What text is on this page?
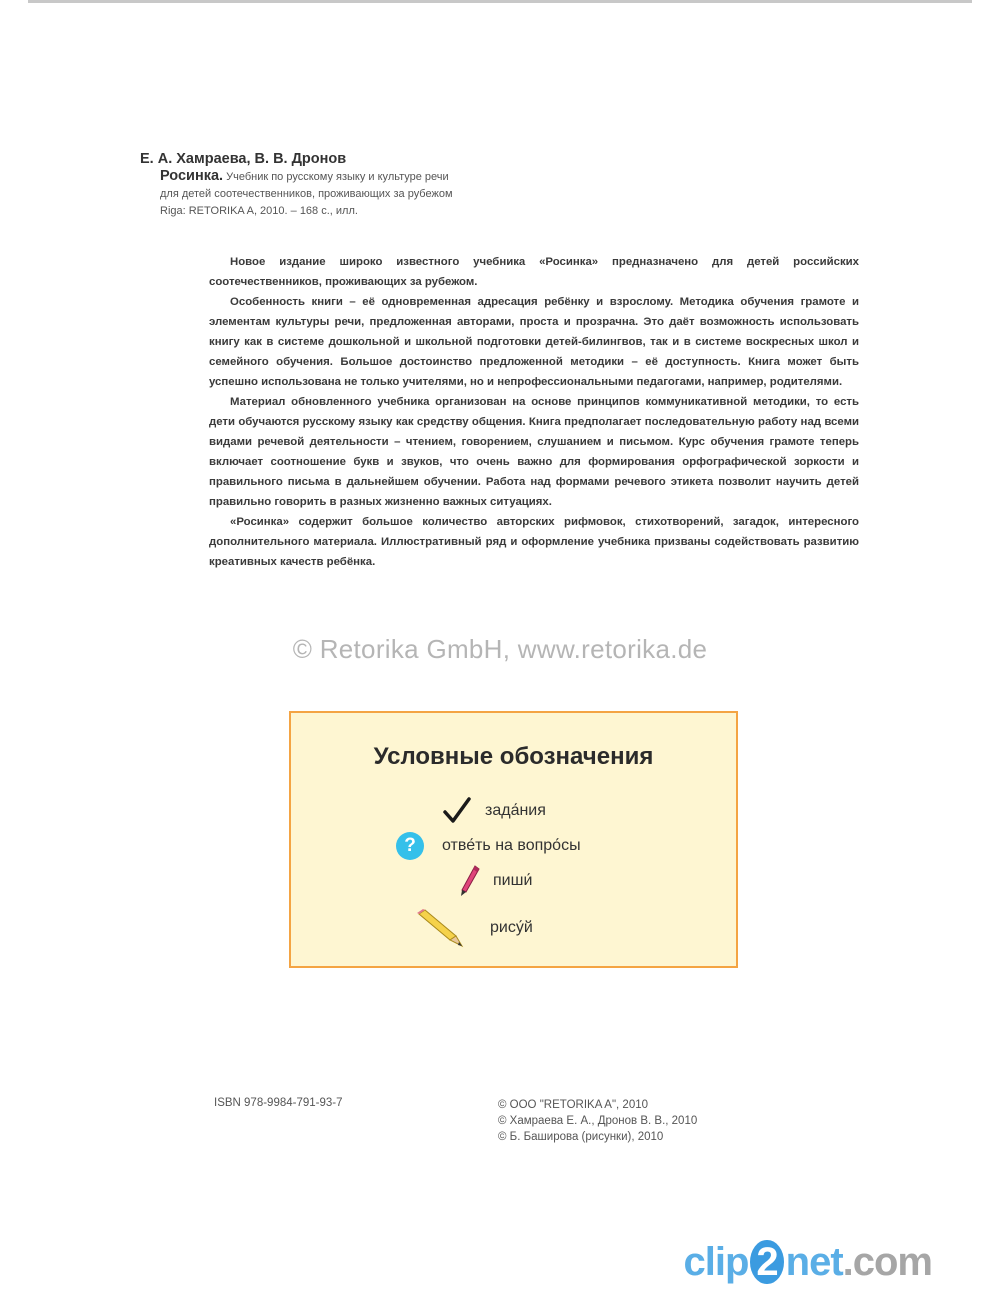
Е. А. Хамраева, В. В. Дронов
Росинка. Учебник по русскому языку и культуре речи
для детей соотечественников, проживающих за рубежом
Riga: RETORIKA A, 2010. – 168 с., илл.

Новое издание широко известного учебника «Росинка» предназначено для детей российских соотечественников, проживающих за рубежом.

Особенность книги – её одновременная адресация ребёнку и взрослому. Методика обучения грамоте и элементам культуры речи, предложенная авторами, проста и прозрачна. Это даёт возможность использовать книгу как в системе дошкольной и школьной подготовки детей-билингвов, так и в системе воскресных школ и семейного обучения. Большое достоинство предложенной методики – её доступность. Книга может быть успешно использована не только учителями, но и непрофессиональными педагогами, например, родителями.

Материал обновленного учебника организован на основе принципов коммуникативной методики, то есть дети обучаются русскому языку как средству общения. Книга предполагает последовательную работу над всеми видами речевой деятельности – чтением, говорением, слушанием и письмом. Курс обучения грамоте теперь включает соотношение букв и звуков, что очень важно для формирования орфографической зоркости и правильного письма в дальнейшем обучении. Работа над формами речевого этикета позволит научить детей правильно говорить в разных жизненно важных ситуациях.

«Росинка» содержит большое количество авторских рифмовок, стихотворений, загадок, интересного дополнительного материала. Иллюстративный ряд и оформление учебника призваны содействовать развитию креативных качеств ребёнка.

© Retorika GmbH, www.retorika.de
Условные обозначения
зада́ния
?	отве́ть на вопро́сы
пиши́
рису́й
ISBN 978-9984-791-93-7	© OOO "RETORIKA A", 2010
© Хамраева Е. А., Дронов В. В., 2010
© Б. Баширова (рисунки), 2010
clip 2 net.com
